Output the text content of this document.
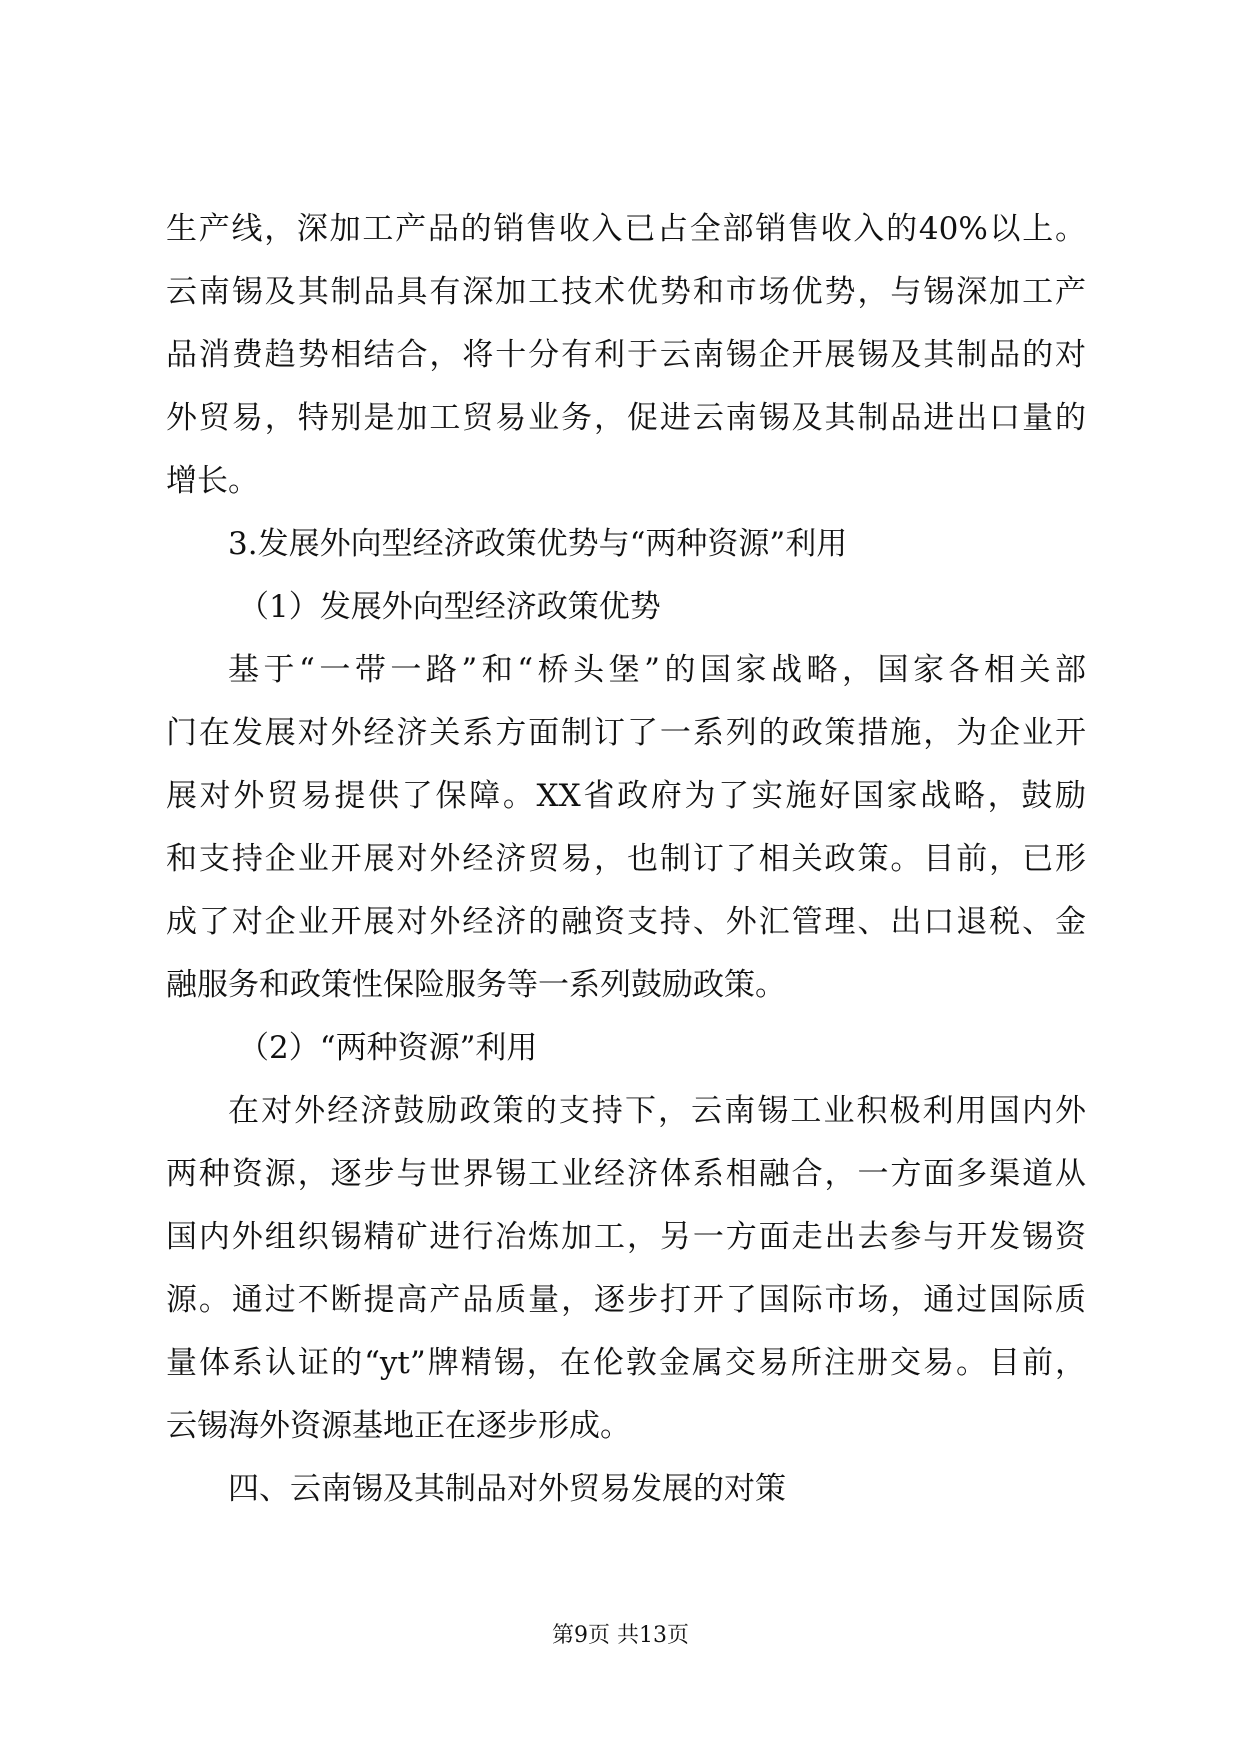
生产线，深加工产品的销售收入已占全部销售收入的40%以上。
云南锡及其制品具有深加工技术优势和市场优势，与锡深加工产
品消费趋势相结合，将十分有利于云南锡企开展锡及其制品的对
外贸易，特别是加工贸易业务，促进云南锡及其制品进出口量的
增长。
3.发展外向型经济政策优势与“两种资源”利用
（1）发展外向型经济政策优势
基于“一带一路”和“桥头堡”的国家战略，国家各相关部
门在发展对外经济关系方面制订了一系列的政策措施，为企业开
展对外贸易提供了保障。XX省政府为了实施好国家战略，鼓励
和支持企业开展对外经济贸易，也制订了相关政策。目前，已形
成了对企业开展对外经济的融资支持、外汇管理、出口退税、金
融服务和政策性保险服务等一系列鼓励政策。
（2）“两种资源”利用
在对外经济鼓励政策的支持下，云南锡工业积极利用国内外
两种资源，逐步与世界锡工业经济体系相融合，一方面多渠道从
国内外组织锡精矿进行冶炼加工，另一方面走出去参与开发锡资
源。通过不断提高产品质量，逐步打开了国际市场，通过国际质
量体系认证的“yt”牌精锡，在伦敦金属交易所注册交易。目前，
云锡海外资源基地正在逐步形成。
四、云南锡及其制品对外贸易发展的对策
第9页 共13页
